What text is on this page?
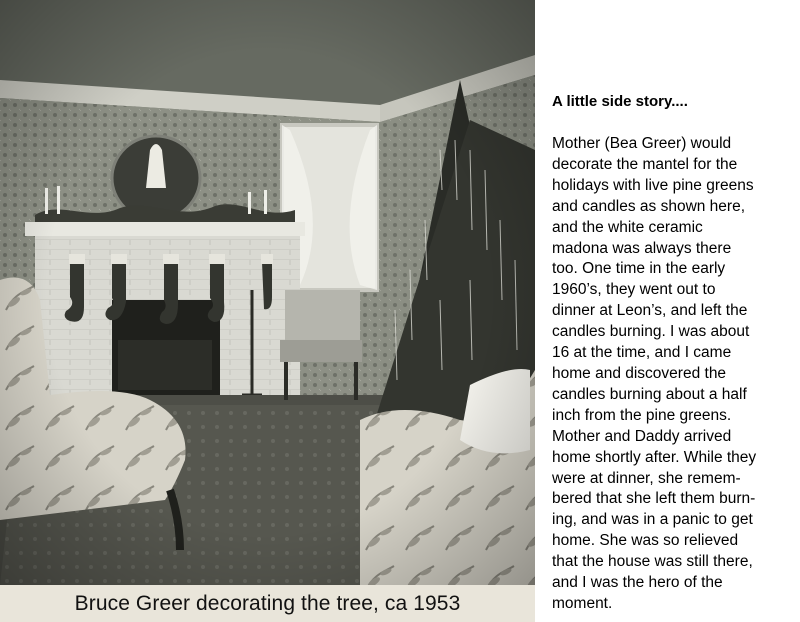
Bruce Greer decorating the tree, ca 1953
A little side story....

Mother (Bea Greer) would
decorate the mantel for the
holidays with live pine greens
and candles as shown here,
and the white ceramic
madona was always there
too. One time in the early
1960’s, they went out to
dinner at Leon’s, and left the
candles burning. I was about
16 at the time, and I came
home and discovered the
candles burning about a half
inch from the pine greens.
Mother and Daddy arrived
home shortly after. While they
were at dinner, she remem-
bered that she left them burn-
ing, and was in a panic to get
home. She was so relieved
that the house was still there,
and I was the hero of the
moment.
